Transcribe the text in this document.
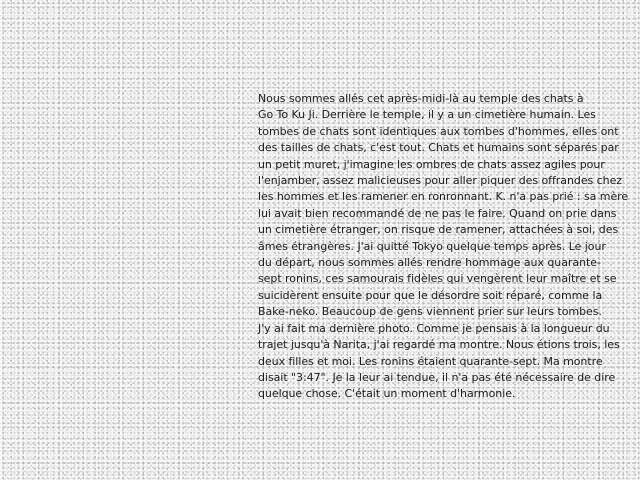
Nous sommes allés cet après-midi-là au temple des chats à
Go To Ku Ji. Derrière le temple, il y a un cimetière humain. Les
tombes de chats sont identiques aux tombes d'hommes, elles ont
des tailles de chats, c'est tout. Chats et humains sont séparés par
un petit muret, j'imagine les ombres de chats assez agiles pour
l'enjamber, assez malicieuses pour aller piquer des offrandes chez
les hommes et les ramener en ronronnant. K. n'a pas prié : sa mère
lui avait bien recommandé de ne pas le faire. Quand on prie dans
un cimetière étranger, on risque de ramener, attachées à soi, des
âmes étrangères. J'ai quitté Tokyo quelque temps après. Le jour
du départ, nous sommes allés rendre hommage aux quarante-
sept ronins, ces samourais fidèles qui vengèrent leur maître et se
suicidèrent ensuite pour que le désordre soit réparé, comme la
Bake-neko. Beaucoup de gens viennent prier sur leurs tombes.
J'y ai fait ma dernière photo. Comme je pensais à la longueur du
trajet jusqu'à Narita, j'ai regardé ma montre. Nous étions trois, les
deux filles et moi. Les ronins étaient quarante-sept. Ma montre
disait "3:47". Je la leur ai tendue, il n'a pas été nécessaire de dire
quelque chose. C'était un moment d'harmonie.
